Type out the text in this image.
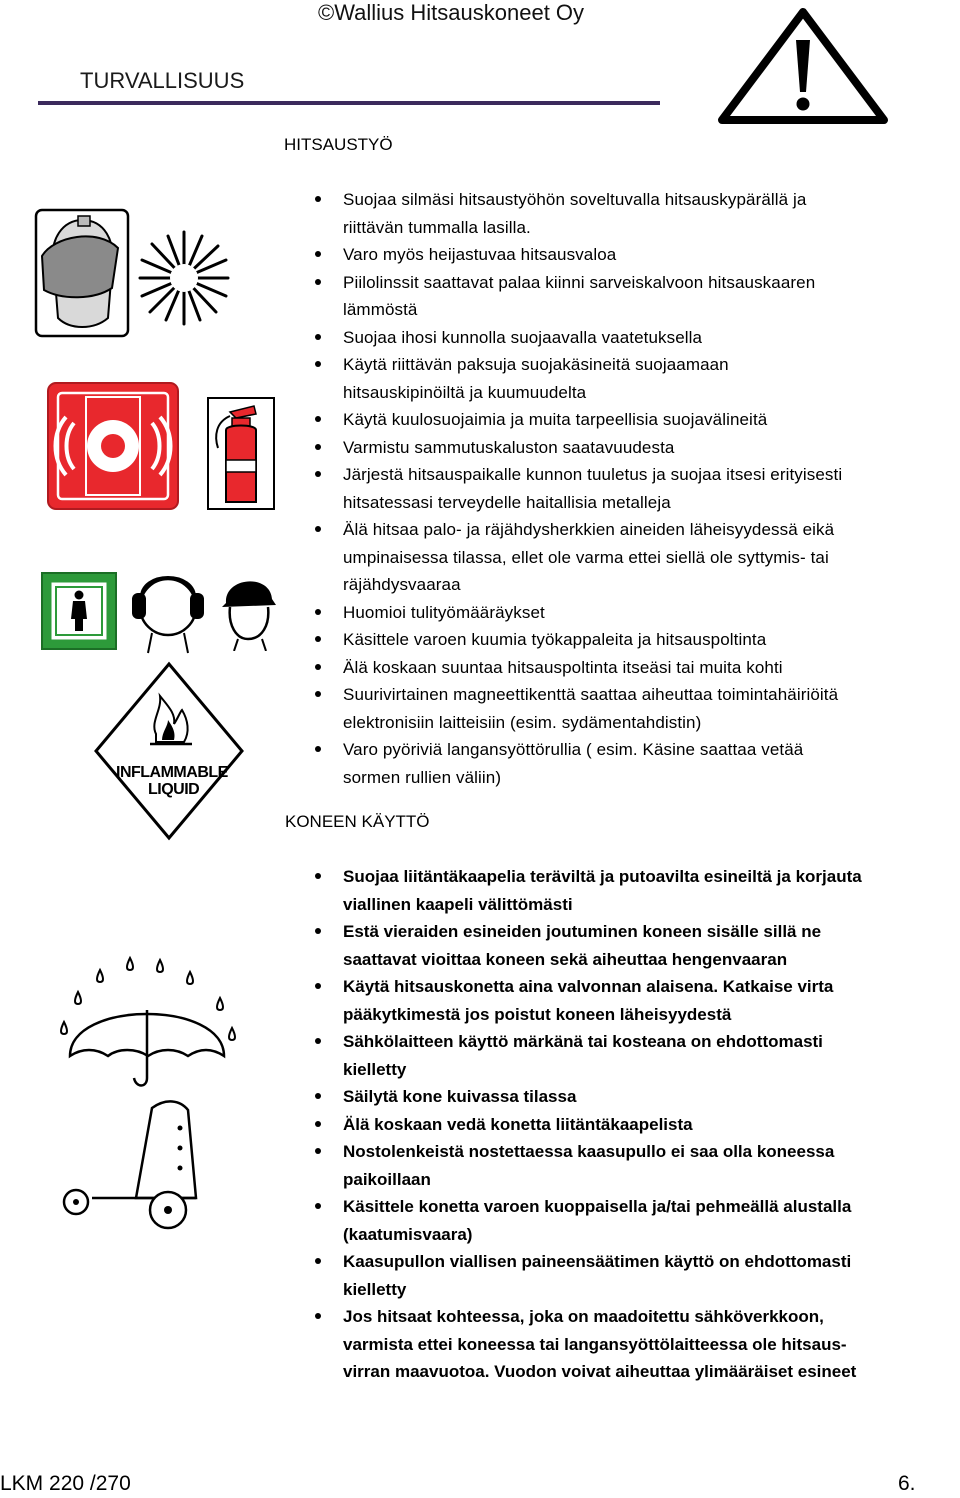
©Wallius Hitsauskoneet Oy
TURVALLISUUS
HITSAUSTYÖ
Suojaa silmäsi hitsaustyöhön soveltuvalla hitsauskypärällä ja
riittävän tummalla lasilla.
Varo myös heijastuvaa hitsausvaloa
Piilolinssit saattavat palaa kiinni sarveiskalvoon hitsauskaaren
lämmöstä
Suojaa ihosi kunnolla suojaavalla vaatetuksella
Käytä riittävän paksuja suojakäsineitä suojaamaan
hitsauskipinöiltä ja kuumuudelta
Käytä kuulosuojaimia ja muita tarpeellisia suojavälineitä
Varmistu sammutuskaluston saatavuudesta
Järjestä hitsauspaikalle kunnon tuuletus ja suojaa itsesi erityisesti
hitsatessasi terveydelle haitallisia metalleja
Älä hitsaa palo- ja räjähdysherkkien aineiden läheisyydessä eikä
umpinaisessa tilassa, ellet ole varma ettei siellä ole syttymis- tai
räjähdysvaaraa
Huomioi tulityömääräykset
Käsittele varoen kuumia työkappaleita ja hitsauspoltinta
Älä koskaan suuntaa hitsauspoltinta itseäsi tai muita kohti
Suurivirtainen magneettikenttä saattaa aiheuttaa toimintahäiriöitä
elektronisiin laitteisiin (esim. sydämentahdistin)
Varo pyöriviä langansyöttörullia ( esim. Käsine saattaa vetää
sormen rullien väliin)
INFLAMMABLE
LIQUID
KONEEN KÄYTTÖ
Suojaa liitäntäkaapelia teräviltä ja putoavilta esineiltä ja korjauta
viallinen kaapeli välittömästi
Estä vieraiden esineiden joutuminen koneen sisälle sillä ne
saattavat vioittaa koneen sekä aiheuttaa hengenvaaran
Käytä hitsauskonetta aina valvonnan alaisena. Katkaise virta
pääkytkimestä jos poistut koneen läheisyydestä
Sähkölaitteen käyttö märkänä tai kosteana on ehdottomasti
kielletty
Säilytä kone kuivassa tilassa
Älä koskaan vedä konetta liitäntäkaapelista
Nostolenkeistä nostettaessa kaasupullo ei saa olla koneessa
paikoillaan
Käsittele konetta varoen kuoppaisella ja/tai pehmeällä alustalla
(kaatumisvaara)
Kaasupullon viallisen paineensäätimen käyttö on ehdottomasti
kielletty
Jos hitsaat kohteessa, joka on maadoitettu sähköverkkoon,
varmista ettei koneessa tai langansyöttölaitteessa ole hitsaus-
virran maavuotoa. Vuodon voivat aiheuttaa ylimääräiset esineet
LKM 220 /270	6.
